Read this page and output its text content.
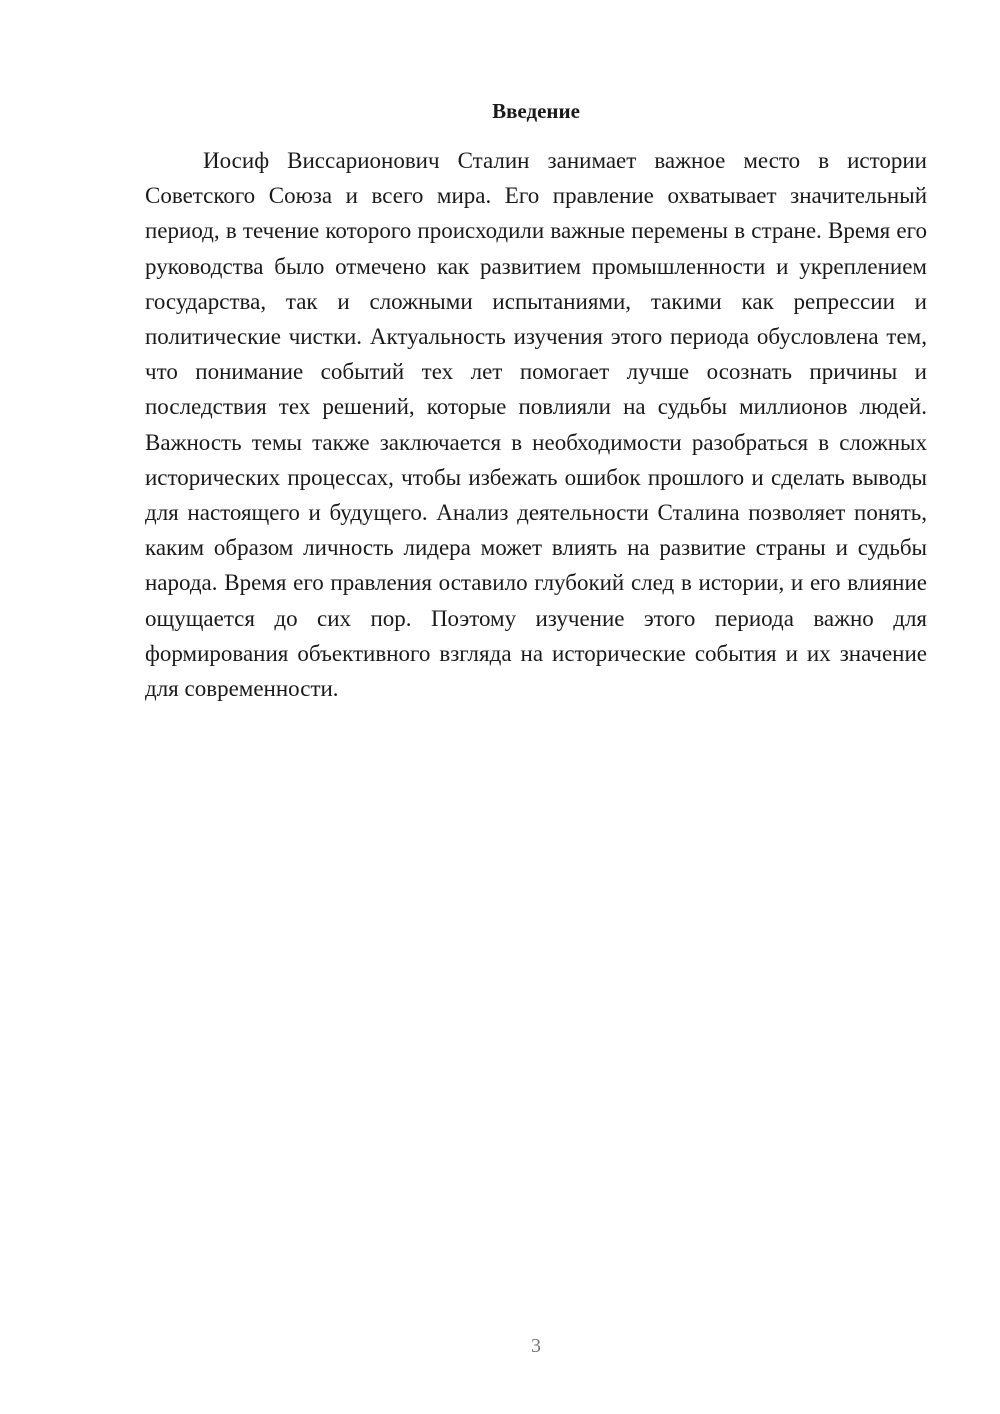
Введение

Иосиф Виссарионович Сталин занимает важное место в истории Советского Союза и всего мира. Его правление охватывает значительный период, в течение которого происходили важные перемены в стране. Время его руководства было отмечено как развитием промышленности и укреплением государства, так и сложными испытаниями, такими как репрессии и политические чистки. Актуальность изучения этого периода обусловлена тем, что понимание событий тех лет помогает лучше осознать причины и последствия тех решений, которые повлияли на судьбы миллионов людей. Важность темы также заключается в необходимости разобраться в сложных исторических процессах, чтобы избежать ошибок прошлого и сделать выводы для настоящего и будущего. Анализ деятельности Сталина позволяет понять, каким образом личность лидера может влиять на развитие страны и судьбы народа. Время его правления оставило глубокий след в истории, и его влияние ощущается до сих пор. Поэтому изучение этого периода важно для формирования объективного взгляда на исторические события и их значение для современности.

3
